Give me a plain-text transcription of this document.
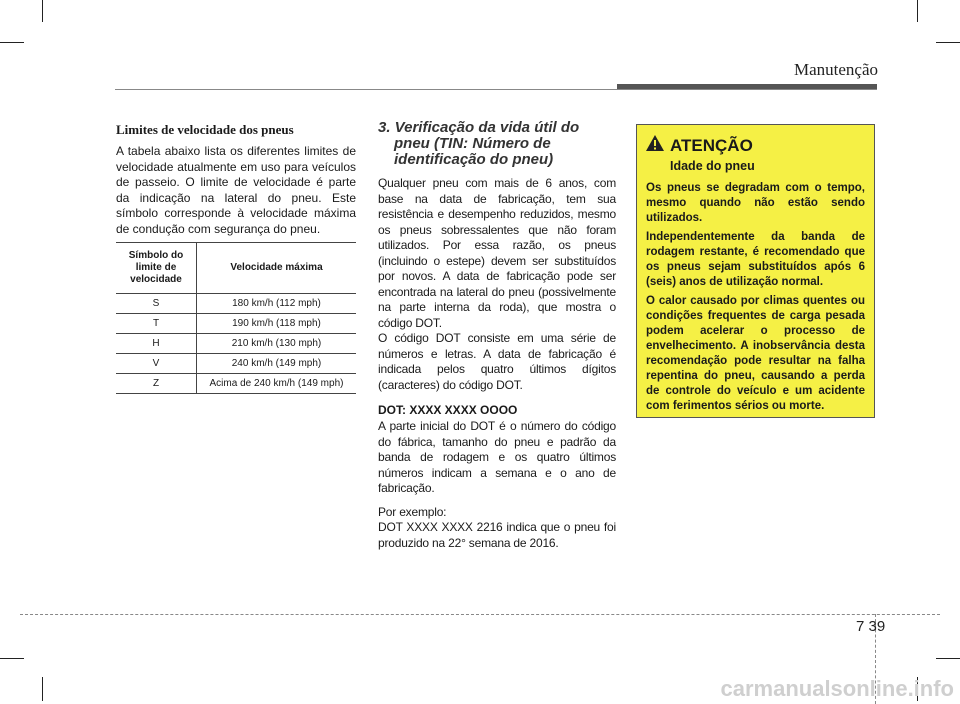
Manutenção
Limites de velocidade dos pneus

A tabela abaixo lista os diferentes limites de velocidade atualmente em uso para veículos de passeio. O limite de velocidade é parte da indicação na lateral do pneu. Este símbolo corresponde à velocidade máxima de condução com segurança do pneu.

Símbolo do limite de velocidade	Velocidade máxima
S	180 km/h (112 mph)
T	190 km/h (118 mph)
H	210 km/h (130 mph)
V	240 km/h (149 mph)
Z	Acima de 240 km/h (149 mph)
3. Verificação da vida útil do pneu (TIN: Número de identificação do pneu)

Qualquer pneu com mais de 6 anos, com base na data de fabricação, tem sua resistência e desempenho reduzidos, mesmo os pneus sobressalentes que não foram utilizados. Por essa razão, os pneus (incluindo o estepe) devem ser substituídos por novos. A data de fabricação pode ser encontrada na lateral do pneu (possivelmente na parte interna da roda), que mostra o código DOT.

O código DOT consiste em uma série de números e letras. A data de fabricação é indicada pelos quatro últimos dígitos (caracteres) do código DOT.

DOT: XXXX XXXX OOOO

A parte inicial do DOT é o número do código do fábrica, tamanho do pneu e padrão da banda de rodagem e os quatro últimos números indicam a semana e o ano de fabricação.

Por exemplo:

DOT XXXX XXXX 2216 indica que o pneu foi produzido na 22° semana de 2016.

ATENÇÃO
Idade do pneu

Os pneus se degradam com o tempo, mesmo quando não estão sendo utilizados.

Independentemente da banda de rodagem restante, é recomendado que os pneus sejam substituídos após 6 (seis) anos de utilização normal.

O calor causado por climas quentes ou condições frequentes de carga pesada podem acelerar o processo de envelhecimento. A inobservância desta recomendação pode resultar na falha repentina do pneu, causando a perda de controle do veículo e um acidente com ferimentos sérios ou morte.

7 39
carmanualsonline.info
